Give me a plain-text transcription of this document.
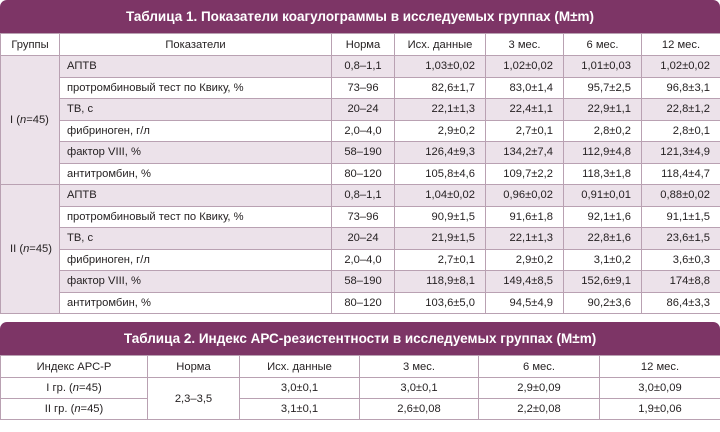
Таблица 1. Показатели коагулограммы в исследуемых группах (M±m)
Группы	Показатели	Норма	Исх. данные	3 мес.	6 мес.	12 мес.
I (n=45)	АПТВ	0,8–1,1	1,03±0,02	1,02±0,02	1,01±0,03	1,02±0,02
	протромбиновый тест по Квику, %	73–96	82,6±1,7	83,0±1,4	95,7±2,5	96,8±3,1
	ТВ, с	20–24	22,1±1,3	22,4±1,1	22,9±1,1	22,8±1,2
	фибриноген, г/л	2,0–4,0	2,9±0,2	2,7±0,1	2,8±0,2	2,8±0,1
	фактор VIII, %	58–190	126,4±9,3	134,2±7,4	112,9±4,8	121,3±4,9
	антитромбин, %	80–120	105,8±4,6	109,7±2,2	118,3±1,8	118,4±4,7
II (n=45)	АПТВ	0,8–1,1	1,04±0,02	0,96±0,02	0,91±0,01	0,88±0,02
	протромбиновый тест по Квику, %	73–96	90,9±1,5	91,6±1,8	92,1±1,6	91,1±1,5
	ТВ, с	20–24	21,9±1,5	22,1±1,3	22,8±1,6	23,6±1,5
	фибриноген, г/л	2,0–4,0	2,7±0,1	2,9±0,2	3,1±0,2	3,6±0,3
	фактор VIII, %	58–190	118,9±8,1	149,4±8,5	152,6±9,1	174±8,8
	антитромбин, %	80–120	103,6±5,0	94,5±4,9	90,2±3,6	86,4±3,3
Таблица 2. Индекс АРС-резистентности в исследуемых группах (M±m)
Индекс АРС-Р	Норма	Исх. данные	3 мес.	6 мес.	12 мес.
I гр. (n=45)	2,3–3,5	3,0±0,1	3,0±0,1	2,9±0,09	3,0±0,09
II гр. (n=45)		3,1±0,1	2,6±0,08	2,2±0,08	1,9±0,06
